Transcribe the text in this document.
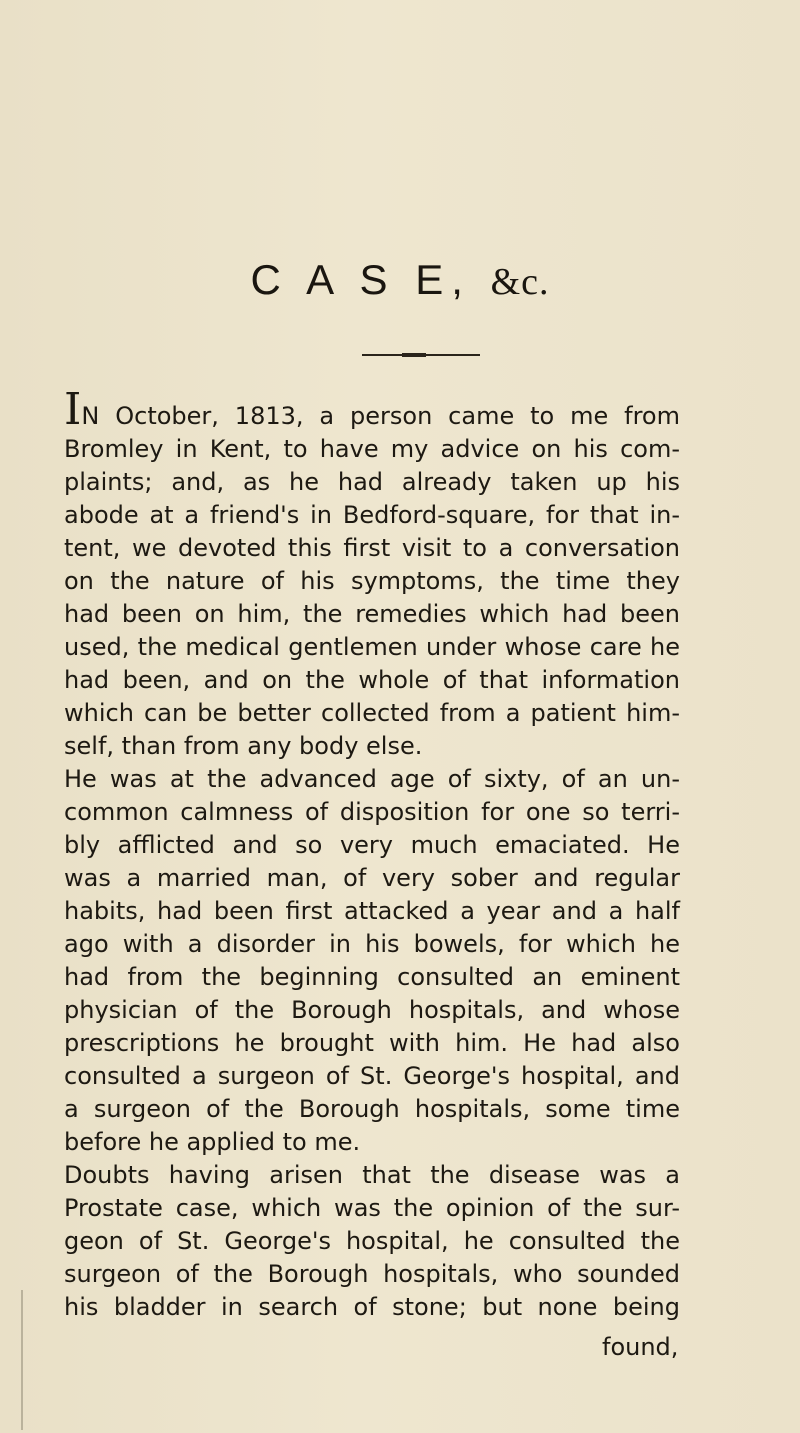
C A S E, &c.
IN October, 1813, a person came to me from
Bromley in Kent, to have my advice on his com-
plaints; and, as he had already taken up his
abode at a friend's in Bedford-square, for that in-
tent, we devoted this first visit to a conversation
on the nature of his symptoms, the time they
had been on him, the remedies which had been
used, the medical gentlemen under whose care he
had been, and on the whole of that information
which can be better collected from a patient him-
self, than from any body else.
He was at the advanced age of sixty, of an un-
common calmness of disposition for one so terri-
bly afflicted and so very much emaciated. He
was a married man, of very sober and regular
habits, had been first attacked a year and a half
ago with a disorder in his bowels, for which he
had from the beginning consulted an eminent
physician of the Borough hospitals, and whose
prescriptions he brought with him. He had also
consulted a surgeon of St. George's hospital, and
a surgeon of the Borough hospitals, some time
before he applied to me.
Doubts having arisen that the disease was a
Prostate case, which was the opinion of the sur-
geon of St. George's hospital, he consulted the
surgeon of the Borough hospitals, who sounded
his bladder in search of stone; but none being
found,
